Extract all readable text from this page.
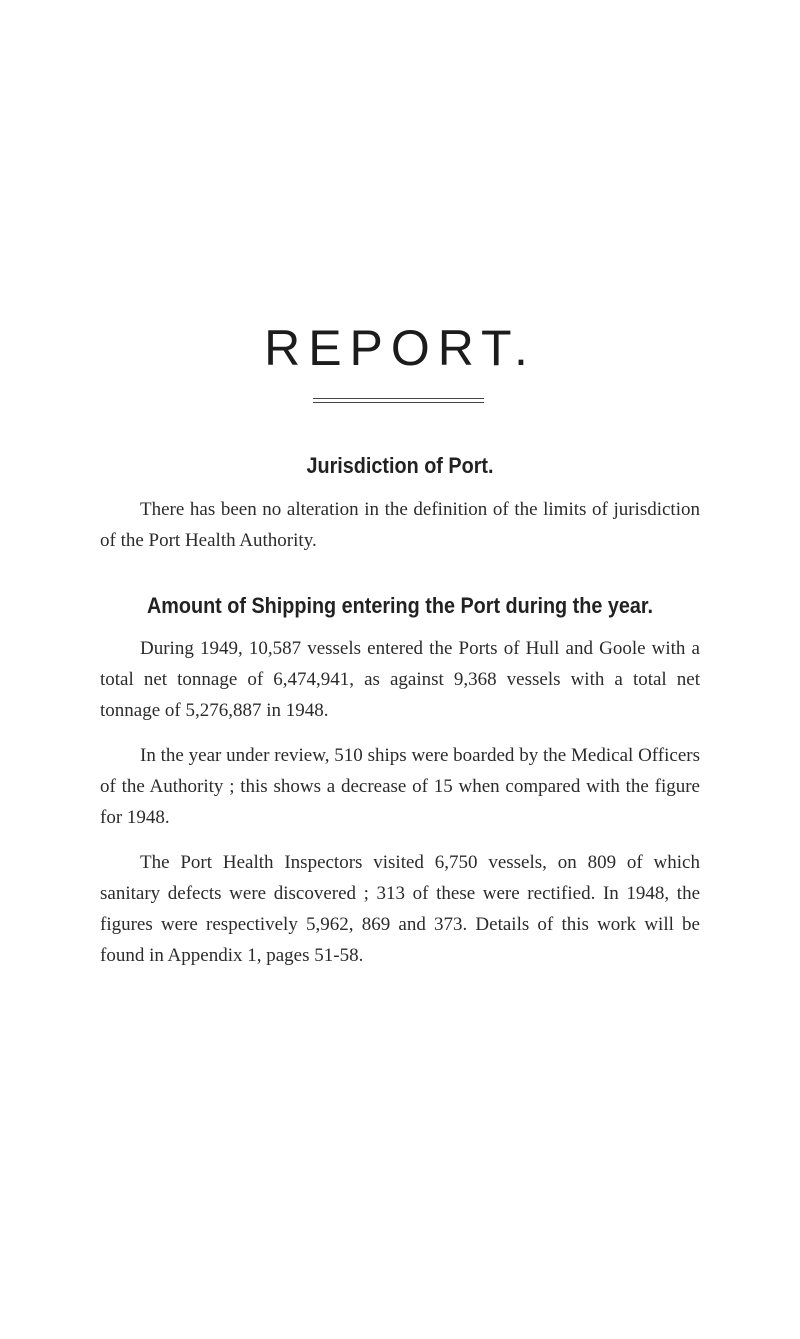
REPORT.
Jurisdiction of Port.

There has been no alteration in the definition of the limits of jurisdiction of the Port Health Authority.

Amount of Shipping entering the Port during the year.

During 1949, 10,587 vessels entered the Ports of Hull and Goole with a total net tonnage of 6,474,941, as against 9,368 vessels with a total net tonnage of 5,276,887 in 1948.

In the year under review, 510 ships were boarded by the Medical Officers of the Authority ; this shows a decrease of 15 when compared with the figure for 1948.

The Port Health Inspectors visited 6,750 vessels, on 809 of which sanitary defects were discovered ; 313 of these were rectified. In 1948, the figures were respectively 5,962, 869 and 373. Details of this work will be found in Appendix 1, pages 51-58.
